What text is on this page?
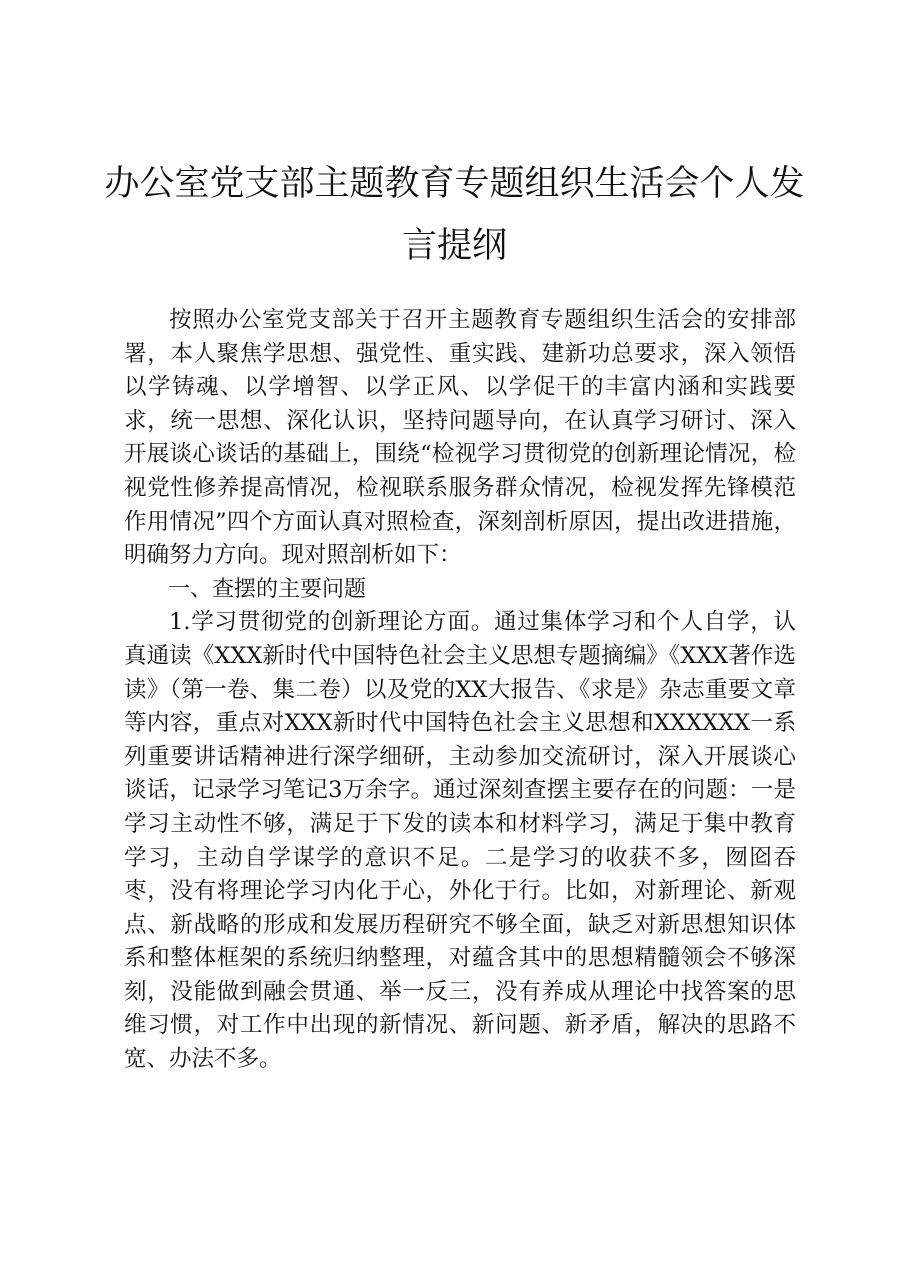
办公室党支部主题教育专题组织生活会个人发
言提纲

按照办公室党支部关于召开主题教育专题组织生活会的安排部署，本人聚焦学思想、强党性、重实践、建新功总要求，深入领悟以学铸魂、以学增智、以学正风、以学促干的丰富内涵和实践要求，统一思想、深化认识，坚持问题导向，在认真学习研讨、深入开展谈心谈话的基础上，围绕“检视学习贯彻党的创新理论情况，检视党性修养提高情况，检视联系服务群众情况，检视发挥先锋模范作用情况”四个方面认真对照检查，深刻剖析原因，提出改进措施，明确努力方向。现对照剖析如下：

一、查摆的主要问题

1.学习贯彻党的创新理论方面。通过集体学习和个人自学，认真通读《XXX新时代中国特色社会主义思想专题摘编》《XXX著作选读》（第一卷、集二卷）以及党的XX大报告、《求是》杂志重要文章等内容，重点对XXX新时代中国特色社会主义思想和XXXXXX一系列重要讲话精神进行深学细研，主动参加交流研讨，深入开展谈心谈话，记录学习笔记3万余字。通过深刻查摆主要存在的问题：一是学习主动性不够，满足于下发的读本和材料学习，满足于集中教育学习，主动自学谋学的意识不足。二是学习的收获不多，囫囵吞枣，没有将理论学习内化于心，外化于行。比如，对新理论、新观点、新战略的形成和发展历程研究不够全面，缺乏对新思想知识体系和整体框架的系统归纳整理，对蕴含其中的思想精髓领会不够深刻，没能做到融会贯通、举一反三，没有养成从理论中找答案的思维习惯，对工作中出现的新情况、新问题、新矛盾，解决的思路不宽、办法不多。
